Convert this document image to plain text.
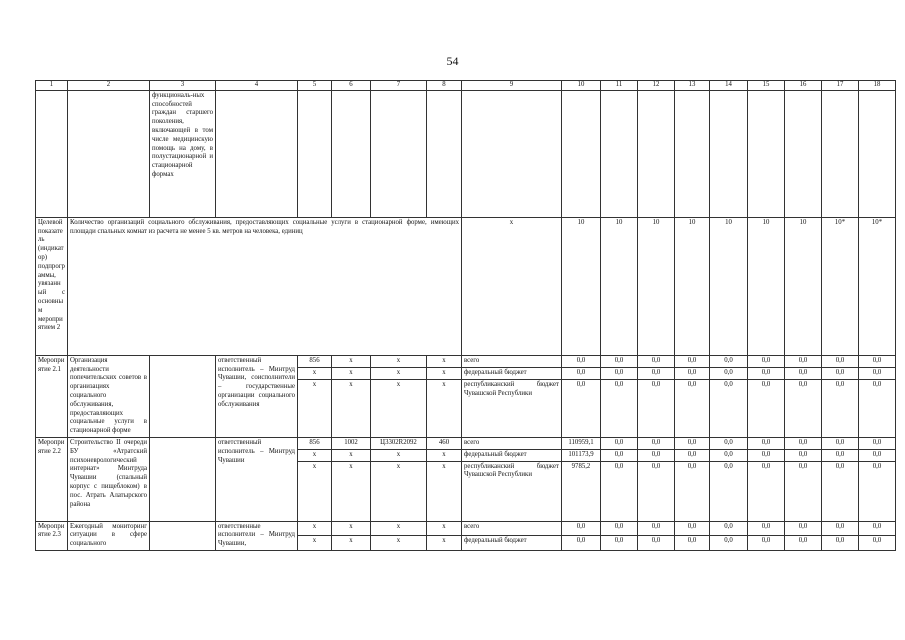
54
1	2	3	4	5	6	7	8	9	10	11	12	13	14	15	16	17	18
		функциональ-ных способностей граждан старшего поколения, включающей в том числе медицинскую помощь на дому, в полустационарной и стационарной формах															
Целевой показатель (индикатор) подпрограммы, увязанный с основным мероприятием 2	Количество организаций социального обслуживания, предоставляющих социальные услуги в стационарной форме, имеющих площади спальных комнат из расчета не менее 5 кв. метров на человека, единиц							х	10	10	10	10	10	10	10	10*	10*
Мероприятие 2.1	Организация деятельности попечительских советов в организациях социального обслуживания, предоставляющих социальные услуги в стационарной форме		ответственный исполнитель – Минтруд Чувашии, соисполнители – государственные организации социального обслуживания	856	х	х	х	всего	0,0	0,0	0,0	0,0	0,0	0,0	0,0	0,0	0,0
				х	х	х	х	федеральный бюджет	0,0	0,0	0,0	0,0	0,0	0,0	0,0	0,0	0,0
				х	х	х	х	республиканский бюджет Чувашской Республики	0,0	0,0	0,0	0,0	0,0	0,0	0,0	0,0	0,0
Мероприятие 2.2	Строительство II очереди БУ «Атратский психоневрологический интернат» Минтруда Чувашии (спальный корпус с пищеблоком) в пос. Атрать Алатырского района		ответственный исполнитель – Минтруд Чувашии	856	1002	Ц3302R2092	460	всего	110959,1	0,0	0,0	0,0	0,0	0,0	0,0	0,0	0,0
				х	х	х	х	федеральный бюджет	101173,9	0,0	0,0	0,0	0,0	0,0	0,0	0,0	0,0
				х	х	х	х	республиканский бюджет Чувашской Республики	9785,2	0,0	0,0	0,0	0,0	0,0	0,0	0,0	0,0
Мероприятие 2.3	Ежегодный мониторинг ситуации в сфере социального		ответственные исполнители – Минтруд Чувашии,	х	х	х	х	всего	0,0	0,0	0,0	0,0	0,0	0,0	0,0	0,0	0,0
				х	х	х	х	федеральный бюджет	0,0	0,0	0,0	0,0	0,0	0,0	0,0	0,0	0,0
